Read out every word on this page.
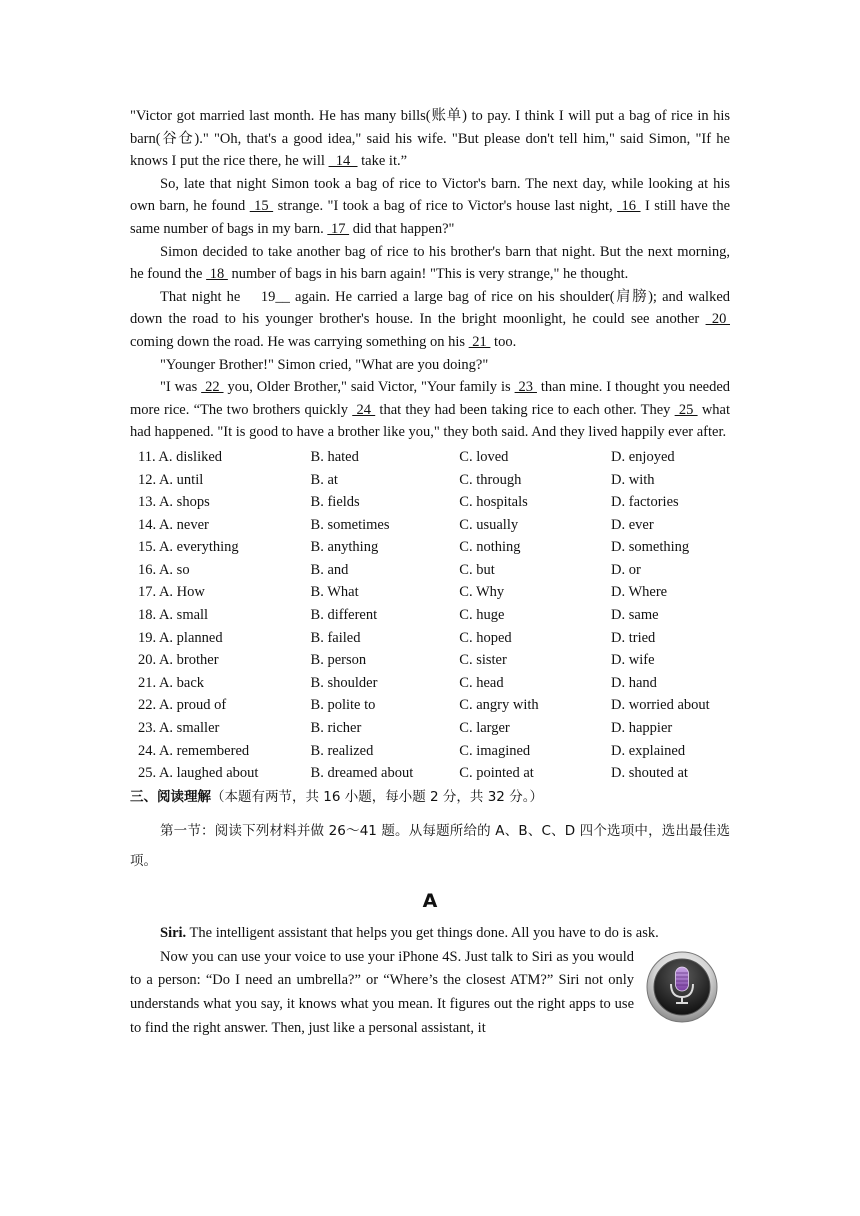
"Victor got married last month. He has many bills(账单) to pay. I think I will put a bag of rice in his barn(谷仓)." "Oh, that's a good idea," said his wife. "But please don't tell him," said Simon, "If he knows I put the rice there, he will   14   take it.”

So, late that night Simon took a bag of rice to Victor's barn. The next day, while looking at his own barn, he found  15  strange. "I took a bag of rice to Victor's house last night,  16  I still have the same number of bags in my barn.  17  did that happen?"

Simon decided to take another bag of rice to his brother's barn that night. But the next morning, he found the  18  number of bags in his barn again! "This is very strange," he thought.

That night he    19__ again. He carried a large bag of rice on his shoulder(肩膀); and walked down the road to his younger brother's house. In the bright moonlight, he could see another  20  coming down the road. He was carrying something on his  21  too.

"Younger Brother!" Simon cried, "What are you doing?"

"I was  22  you, Older Brother," said Victor, "Your family is  23  than mine. I thought you needed more rice. “The two brothers quickly  24  that they had been taking rice to each other. They  25  what had happened. "It is good to have a brother like you," they both said. And they lived happily ever after.

11. A. disliked	B. hated	C. loved	D. enjoyed
12. A. until	B. at	C. through	D. with
13. A. shops	B. fields	C. hospitals	D. factories
14. A. never	B. sometimes	C. usually	D. ever
15. A. everything	B. anything	C. nothing	D. something
16. A. so	B. and	C. but	D. or
17. A. How	B. What	C. Why	D. Where
18. A. small	B. different	C. huge	D. same
19. A. planned	B. failed	C. hoped	D. tried
20. A. brother	B. person	C. sister	D. wife
21. A. back	B. shoulder	C. head	D. hand
22. A. proud of	B. polite to	C. angry with	D. worried about
23. A. smaller	B. richer	C. larger	D. happier
24. A. remembered	B. realized	C. imagined	D. explained
25. A. laughed about	B. dreamed about	C. pointed at	D. shouted at
三、阅读理解（本题有两节，共 16 小题，每小题 2 分，共 32 分。）
第一节：阅读下列材料并做 26～41 题。从每题所给的 A、B、C、D 四个选项中，选出最佳选项。
A

Siri. The intelligent assistant that helps you get things done. All you have to do is ask.

Now you can use your voice to use your iPhone 4S. Just talk to Siri as you would to a person: “Do I need an umbrella?” or “Where’s the closest ATM?” Siri not only understands what you say, it knows what you mean. It figures out the right apps to use to find the right answer. Then, just like a personal assistant, it
